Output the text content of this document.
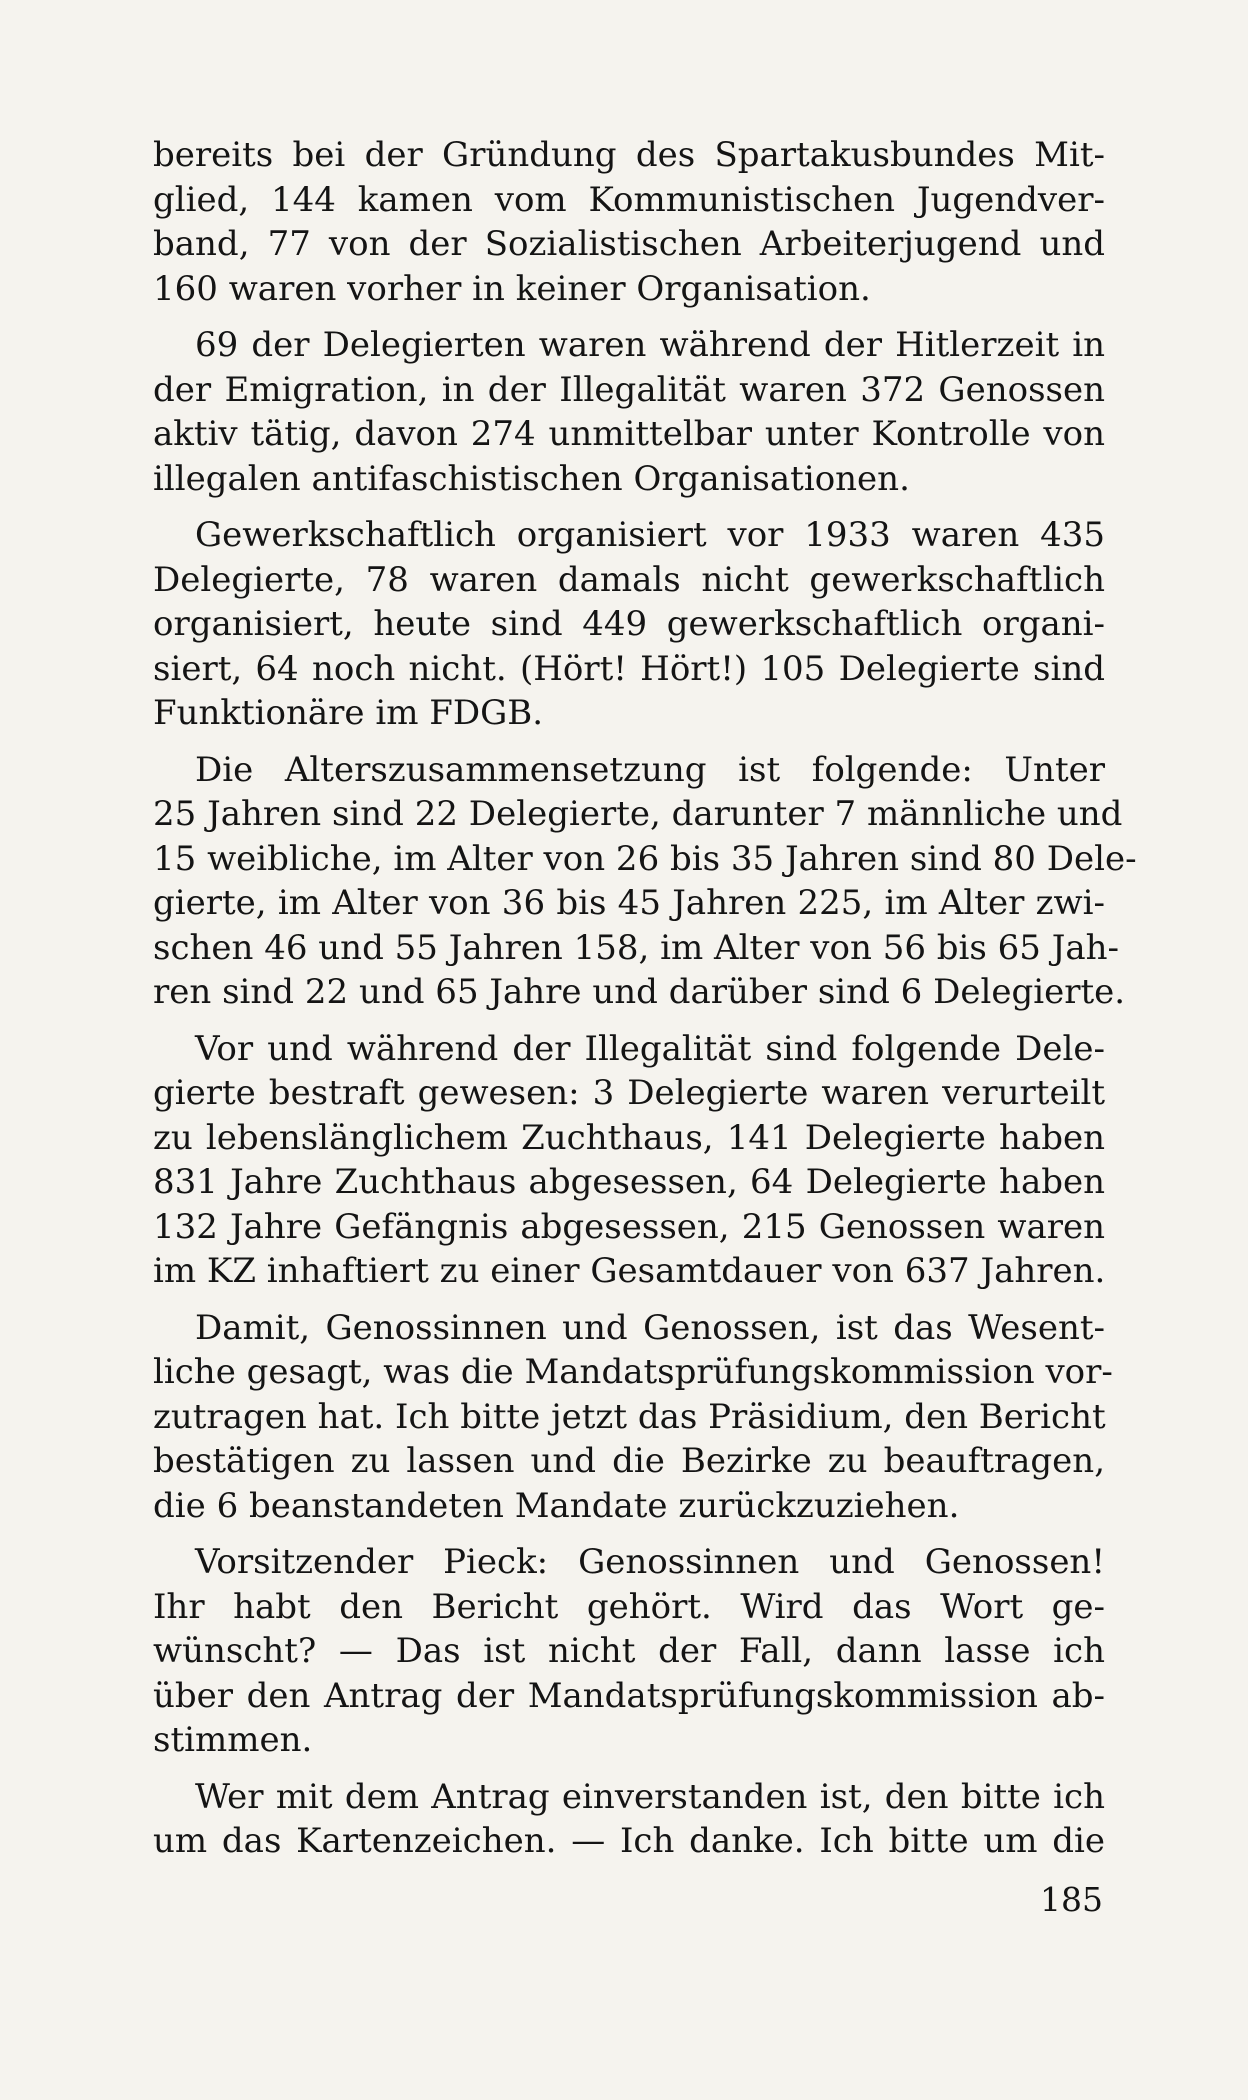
bereits bei der Gründung des Spartakusbundes Mit-
glied, 144 kamen vom Kommunistischen Jugendver-
band, 77 von der Sozialistischen Arbeiterjugend und
160 waren vorher in keiner Organisation.
69 der Delegierten waren während der Hitlerzeit in
der Emigration, in der Illegalität waren 372 Genossen
aktiv tätig, davon 274 unmittelbar unter Kontrolle von
illegalen antifaschistischen Organisationen.
Gewerkschaftlich organisiert vor 1933 waren 435
Delegierte, 78 waren damals nicht gewerkschaftlich
organisiert, heute sind 449 gewerkschaftlich organi-
siert, 64 noch nicht. (Hört! Hört!) 105 Delegierte sind
Funktionäre im FDGB.
Die Alterszusammensetzung ist folgende: Unter
25 Jahren sind 22 Delegierte, darunter 7 männliche und
15 weibliche, im Alter von 26 bis 35 Jahren sind 80 Dele-
gierte, im Alter von 36 bis 45 Jahren 225, im Alter zwi-
schen 46 und 55 Jahren 158, im Alter von 56 bis 65 Jah-
ren sind 22 und 65 Jahre und darüber sind 6 Delegierte.
Vor und während der Illegalität sind folgende Dele-
gierte bestraft gewesen: 3 Delegierte waren verurteilt
zu lebenslänglichem Zuchthaus, 141 Delegierte haben
831 Jahre Zuchthaus abgesessen, 64 Delegierte haben
132 Jahre Gefängnis abgesessen, 215 Genossen waren
im KZ inhaftiert zu einer Gesamtdauer von 637 Jahren.
Damit, Genossinnen und Genossen, ist das Wesent-
liche gesagt, was die Mandatsprüfungskommission vor-
zutragen hat. Ich bitte jetzt das Präsidium, den Bericht
bestätigen zu lassen und die Bezirke zu beauftragen,
die 6 beanstandeten Mandate zurückzuziehen.
Vorsitzender Pieck: Genossinnen und Genossen!
Ihr habt den Bericht gehört. Wird das Wort ge-
wünscht? — Das ist nicht der Fall, dann lasse ich
über den Antrag der Mandatsprüfungskommission ab-
stimmen.
Wer mit dem Antrag einverstanden ist, den bitte ich
um das Kartenzeichen. — Ich danke. Ich bitte um die
185
